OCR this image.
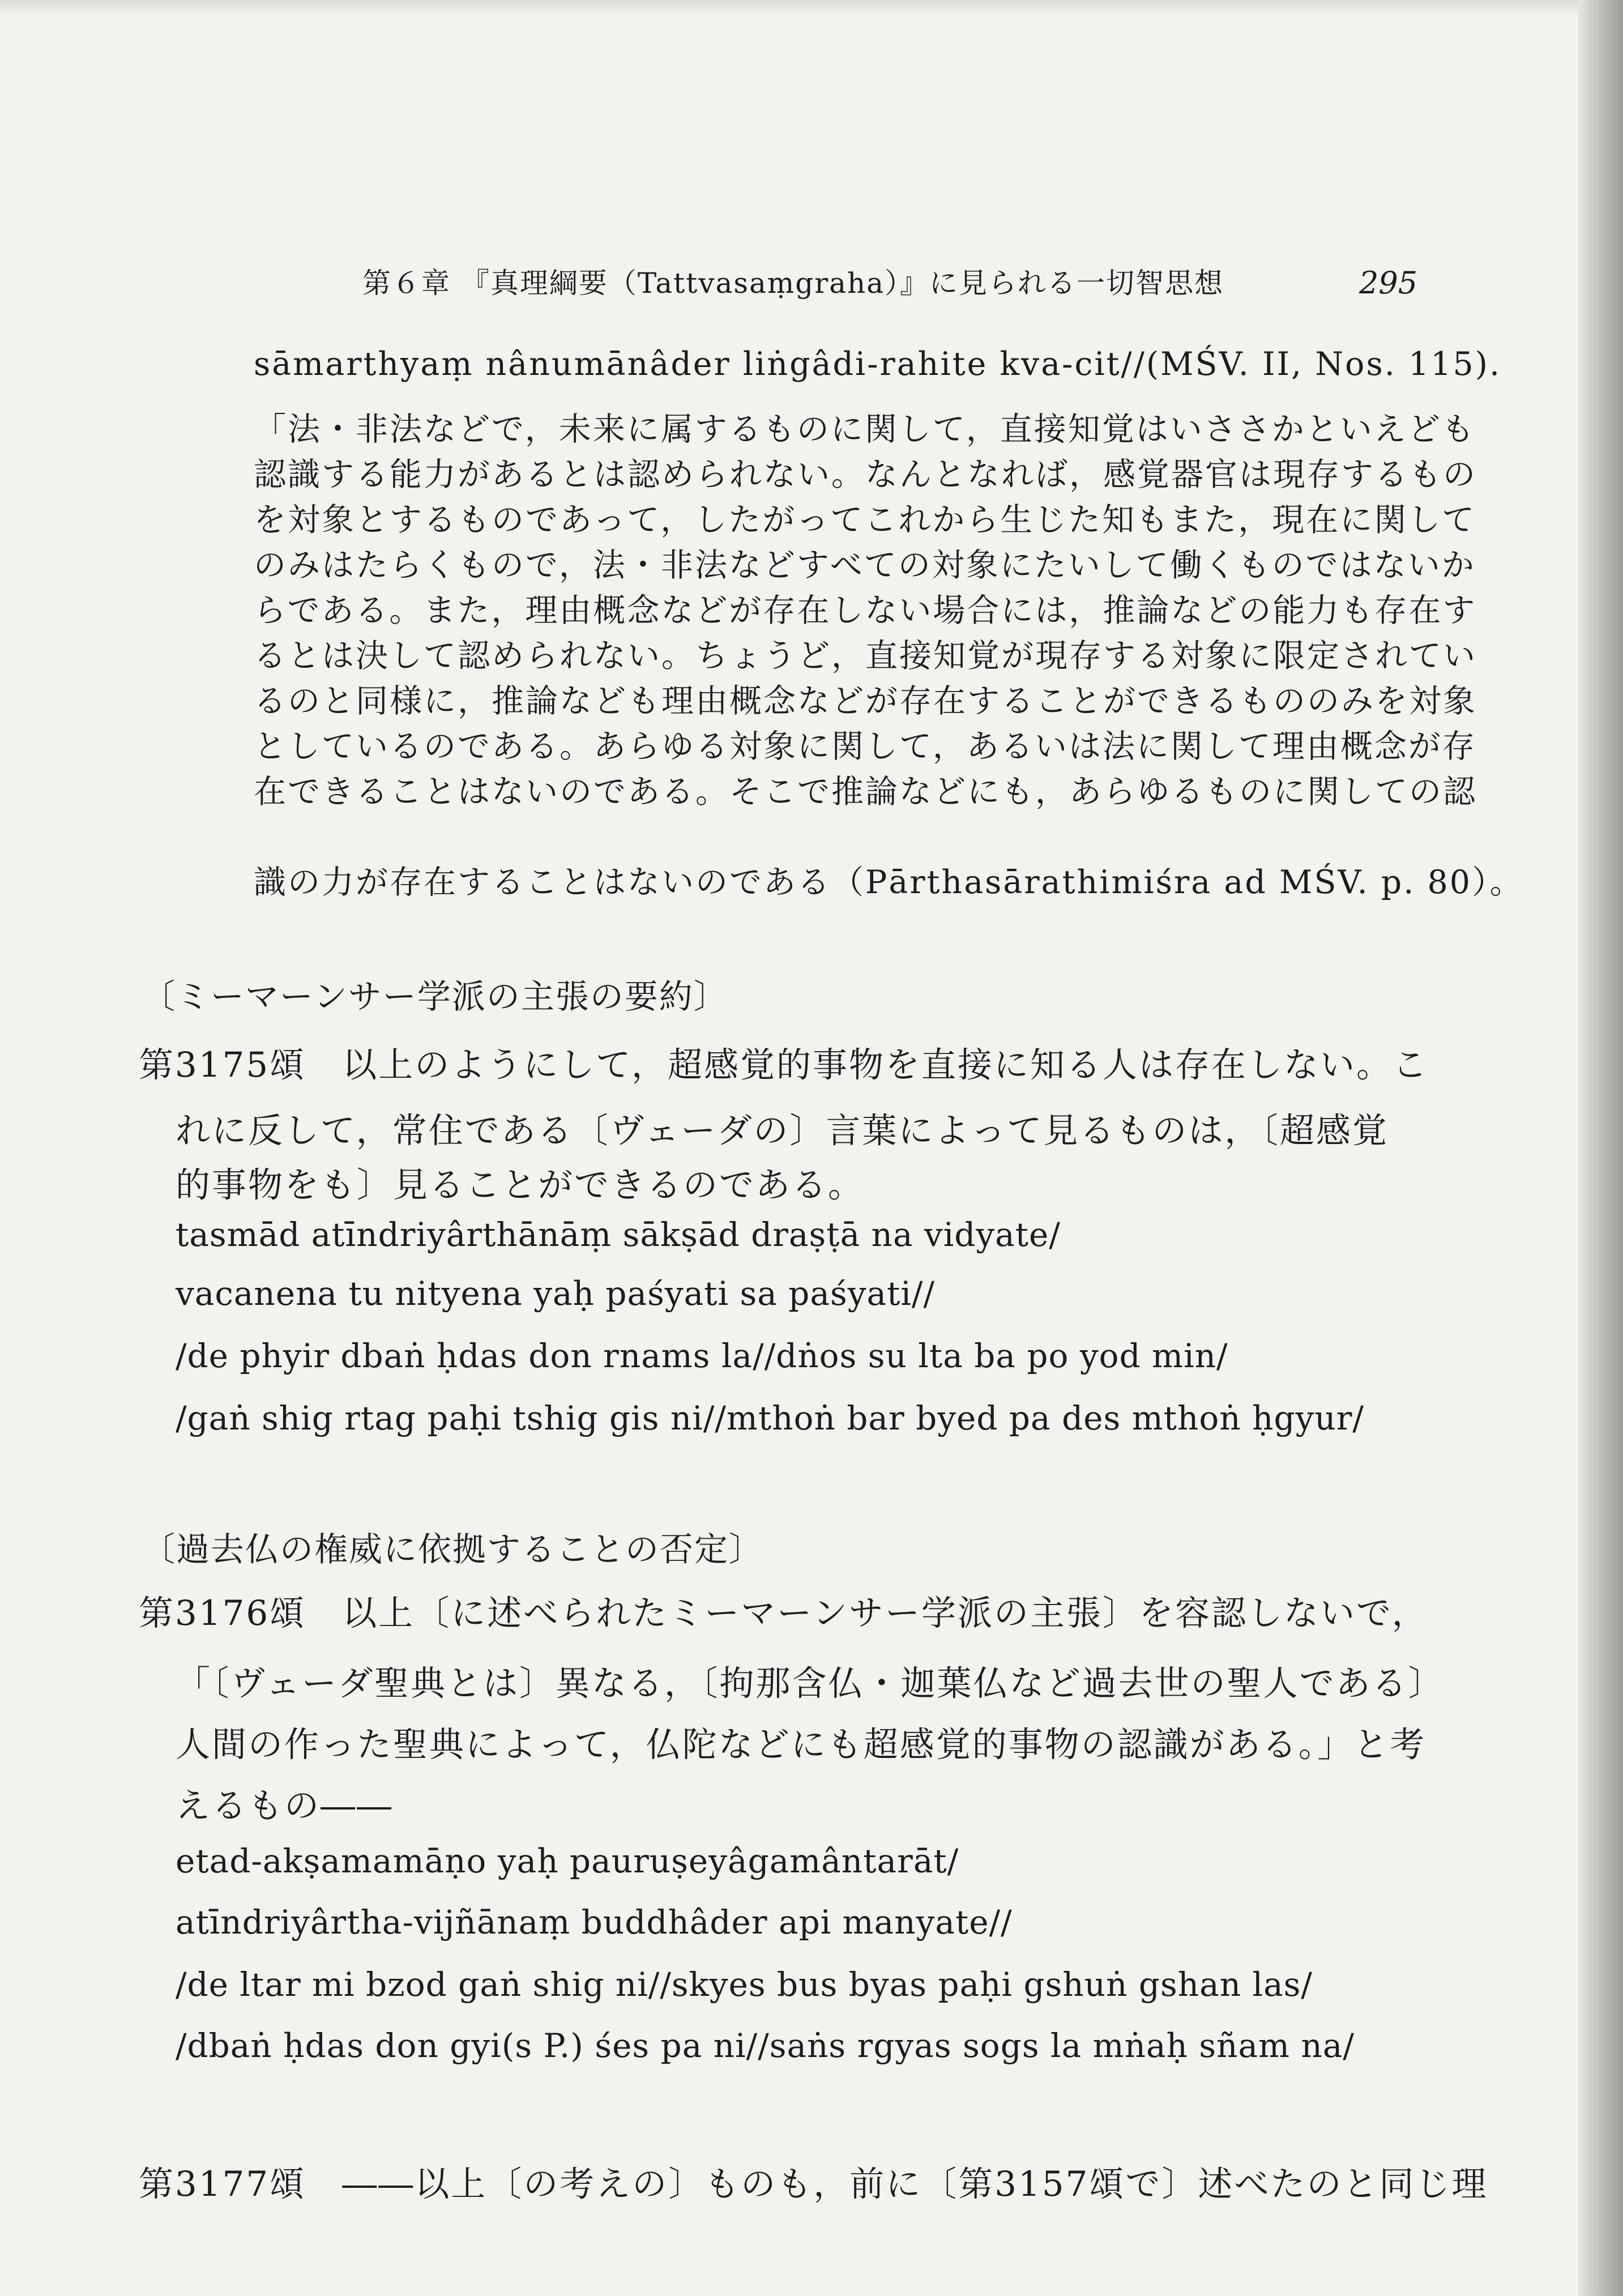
第６章 『真理綱要（Tattvasaṃgraha）』に見られる一切智思想	295
sāmarthyaṃ nânumānâder liṅgâdi-rahite kva-cit//(MŚV. II, Nos. 115).
「法・非法などで，未来に属するものに関して，直接知覚はいささかといえども
認識する能力があるとは認められない。なんとなれば，感覚器官は現存するもの
を対象とするものであって，したがってこれから生じた知もまた，現在に関して
のみはたらくもので，法・非法などすべての対象にたいして働くものではないか
らである。また，理由概念などが存在しない場合には，推論などの能力も存在す
るとは決して認められない。ちょうど，直接知覚が現存する対象に限定されてい
るのと同様に，推論なども理由概念などが存在することができるもののみを対象
としているのである。あらゆる対象に関して，あるいは法に関して理由概念が存
在できることはないのである。そこで推論などにも，あらゆるものに関しての認
識の力が存在することはないのである（Pārthasārathimiśra ad MŚV. p. 80）。
〔ミーマーンサー学派の主張の要約〕
第3175頌　以上のようにして，超感覚的事物を直接に知る人は存在しない。こ
れに反して，常住である〔ヴェーダの〕言葉によって見るものは，〔超感覚
的事物をも〕見ることができるのである。
tasmād atīndriyârthānāṃ sākṣād draṣṭā na vidyate/
vacanena tu nityena yaḥ paśyati sa paśyati//
/de phyir dbaṅ ḥdas don rnams la//dṅos su lta ba po yod min/
/gaṅ shig rtag paḥi tshig gis ni//mthoṅ bar byed pa des mthoṅ ḥgyur/
〔過去仏の権威に依拠することの否定〕
第3176頌　以上〔に述べられたミーマーンサー学派の主張〕を容認しないで，
「〔ヴェーダ聖典とは〕異なる，〔拘那含仏・迦葉仏など過去世の聖人である〕
人間の作った聖典によって，仏陀などにも超感覚的事物の認識がある。」と考
えるもの――
etad-akṣamamāṇo yaḥ pauruṣeyâgamântarāt/
atīndriyârtha-vijñānaṃ buddhâder api manyate//
/de ltar mi bzod gaṅ shig ni//skyes bus byas paḥi gshuṅ gshan las/
/dbaṅ ḥdas don gyi(s P.) śes pa ni//saṅs rgyas sogs la mṅaḥ sñam na/
第3177頌　――以上〔の考えの〕ものも，前に〔第3157頌で〕述べたのと同じ理
